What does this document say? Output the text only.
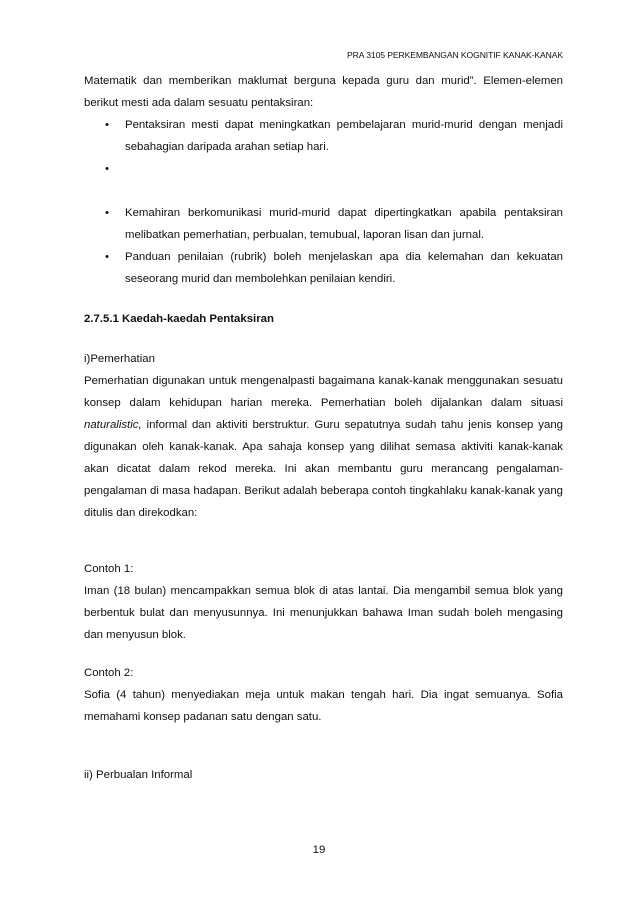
PRA 3105 PERKEMBANGAN KOGNITIF KANAK-KANAK

Matematik dan memberikan maklumat berguna kepada guru dan murid”. Elemen-elemen berikut mesti ada dalam sesuatu pentaksiran:

• Pentaksiran mesti dapat meningkatkan pembelajaran murid-murid dengan menjadi sebahagian daripada arahan setiap hari.
•

• Kemahiran berkomunikasi murid-murid dapat dipertingkatkan apabila pentaksiran melibatkan pemerhatian, perbualan, temubual, laporan lisan dan jurnal.
• Panduan penilaian (rubrik) boleh menjelaskan apa dia kelemahan dan kekuatan seseorang murid dan membolehkan penilaian kendiri.

2.7.5.1 Kaedah-kaedah Pentaksiran

i)Pemerhatian

Pemerhatian digunakan untuk mengenalpasti bagaimana kanak-kanak menggunakan sesuatu konsep dalam kehidupan harian mereka. Pemerhatian boleh dijalankan dalam situasi naturalistic, informal dan aktiviti berstruktur. Guru sepatutnya sudah tahu jenis konsep yang digunakan oleh kanak-kanak. Apa sahaja konsep yang dilihat semasa aktiviti kanak-kanak akan dicatat dalam rekod mereka. Ini akan membantu guru merancang pengalaman-pengalaman di masa hadapan. Berikut adalah beberapa contoh tingkahlaku kanak-kanak yang ditulis dan direkodkan:

Contoh 1:

Iman (18 bulan) mencampakkan semua blok di atas lantai. Dia mengambil semua blok yang berbentuk bulat dan menyusunnya. Ini menunjukkan bahawa Iman sudah boleh mengasing dan menyusun blok.

Contoh 2:

Sofia (4 tahun) menyediakan meja untuk makan tengah hari. Dia ingat semuanya. Sofia memahami konsep padanan satu dengan satu.

ii) Perbualan Informal

19
